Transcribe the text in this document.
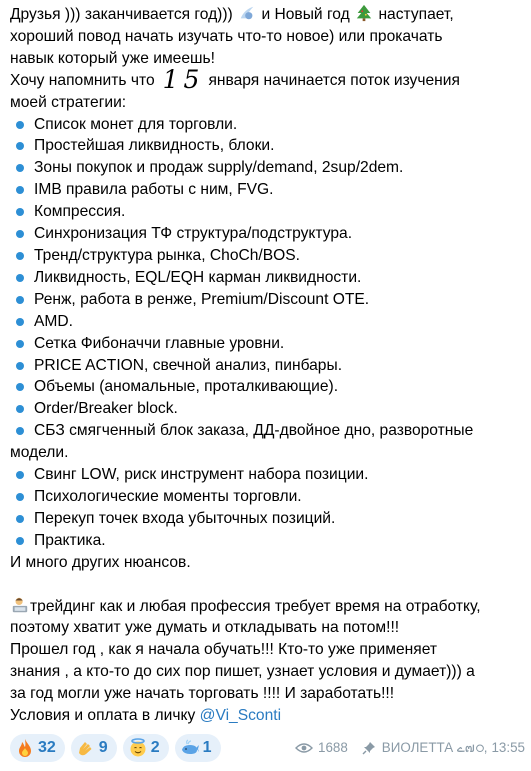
Друзья ))) заканчивается год))) и Новый год наступает,
хороший повод начать изучать что-то новое) или прокачать
навык который уже имеешь!
Хочу напомнить что 15 января начинается поток изучения
моей стратегии:
Список монет для торговли.
Простейшая ликвидность, блоки.
Зоны покупок и продаж supply/demand, 2sup/2dem.
IMB правила работы с ним, FVG.
Компрессия.
Синхронизация ТФ структура/подструктура.
Тренд/структура рынка, ChoCh/BOS.
Ликвидность, EQL/EQH карман ликвидности.
Ренж, работа в ренже, Premium/Discount OTE.
AMD.
Сетка Фибоначчи главные уровни.
PRICE ACTION, свечной анализ, пинбары.
Объемы (аномальные, проталкивающие).
Order/Breaker block.
СБЗ смягченный блок заказа, ДД-двойное дно, разворотные
модели.
Свинг LOW, риск инструмент набора позиции.
Психологические моменты торговли.
Перекуп точек входа убыточных позиций.
Практика.
И много других нюансов.
трейдинг как и любая профессия требует время на отработку,
поэтому хватит уже думать и откладывать на потом!!!
Прошел год , как я начала обучать!!! Кто-то уже применяет
знания , а кто-то до сих пор пишет, узнает условия и думает))) а
за год могли уже начать торговать !!!! И заработать!!!
Условия и оплата в личку @Vi_Sconti
32	9	2	1	1688	ВИОЛЕТТА ے๗ഠ, 13:55
